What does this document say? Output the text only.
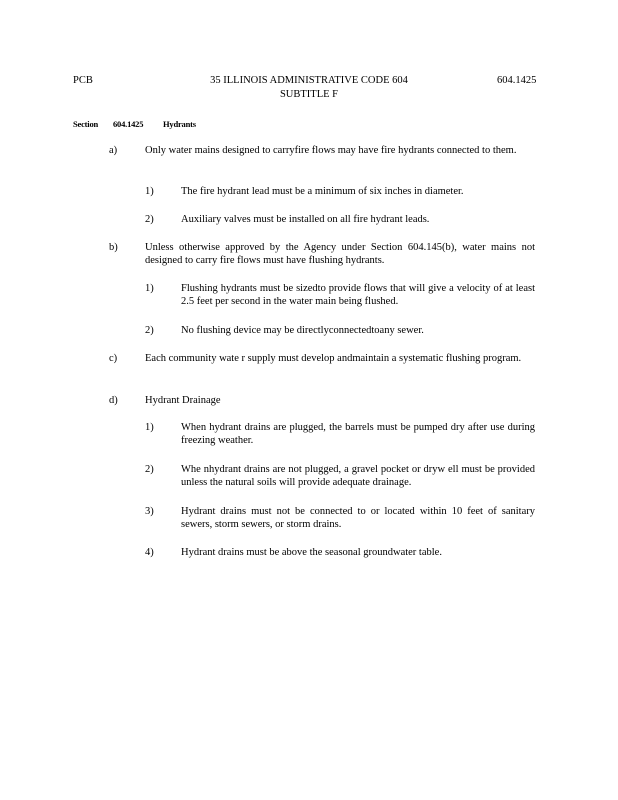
PCB	35 ILLINOIS ADMINISTRATIVE CODE 604
SUBTITLE F
604.1425
Section 604.1425 Hydrants
a)	Only water mains designed to carryfire flows may have fire hydrants connected to them.
1)	The fire hydrant lead must be a minimum of six inches in diameter.
2)	Auxiliary valves must be installed on all fire hydrant leads.
b)	Unless otherwise approved by the Agency under Section 604.145(b), water mains not designed to carry fire flows must have flushing hydrants.
1)	Flushing hydrants must be sizedto provide flows that will give a velocity of at least 2.5 feet per second in the water main being flushed.
2)	No flushing device may be directlyconnectedtoany sewer.
c)	Each community wate r supply must develop andmaintain a systematic flushing program.
d)	Hydrant Drainage
1)	When hydrant drains are plugged, the barrels must be pumped dry after use during freezing weather.
2)	Whe nhydrant drains are not plugged, a gravel pocket or dryw ell must be provided unless the natural soils will provide adequate drainage.
3)	Hydrant drains must not be connected to or located within 10 feet of sanitary sewers, storm sewers, or storm drains.
4)	Hydrant drains must be above the seasonal groundwater table.
